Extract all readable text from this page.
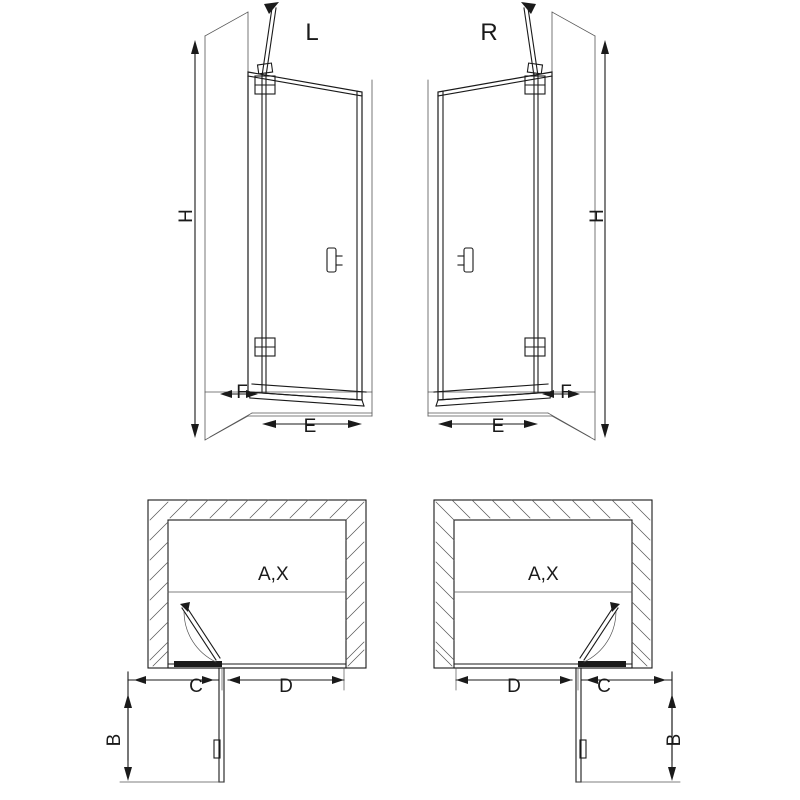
L	R
H	H
E
F
E
F
A,X	A,X
C	D	C
D
B	B
